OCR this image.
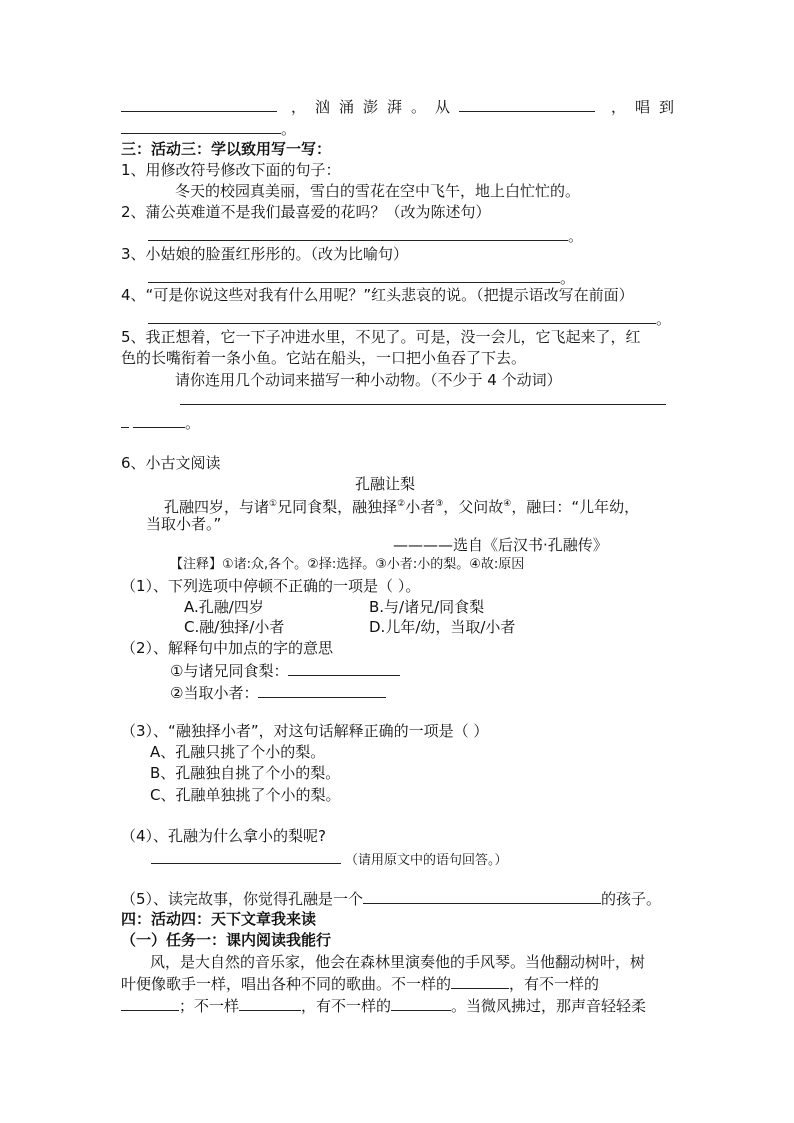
，汹涌澎湃。从	，唱到
。
三：活动三：学以致用写一写：
1、用修改符号修改下面的句子：
冬天的校园真美丽，雪白的雪花在空中飞午，地上白忙忙的。
2、蒲公英难道不是我们最喜爱的花吗？（改为陈述句）
。
3、小姑娘的脸蛋红彤彤的。（改为比喻句）
。
4、“可是你说这些对我有什么用呢？”红头悲哀的说。（把提示语改写在前面）
。
5、我正想着，它一下子冲进水里，不见了。可是，没一会儿，它飞起来了，红
色的长嘴衔着一条小鱼。它站在船头，一口把小鱼吞了下去。
请你连用几个动词来描写一种小动物。（不少于 4 个动词）
。
6、小古文阅读
孔融让梨
孔融四岁，与诸①兄同食梨，融独择②小者③，父问故④，融曰：“儿年幼，
当取小者。”
————选自《后汉书·孔融传》
【注释】①诸:众,各个。②择:选择。③小者:小的梨。④故:原因
（1）、下列选项中停顿不正确的一项是（ ）。
A.孔融/四岁	B.与/诸兄/同食梨
C.融/独择/小者	D.儿年/幼，当取/小者
（2）、解释句中加点的字的意思
①与诸兄同食梨：
②当取小者：
（3）、“融独择小者”，对这句话解释正确的一项是（ ）
A、孔融只挑了个小的梨。
B、孔融独自挑了个小的梨。
C、孔融单独挑了个小的梨。
（4）、孔融为什么拿小的梨呢?
（请用原文中的语句回答。）
（5）、读完故事，你觉得孔融是一个	的孩子。
四：活动四：天下文章我来读
（一）任务一：课内阅读我能行
风，是大自然的音乐家，他会在森林里演奏他的手风琴。当他翻动树叶，树
叶便像歌手一样，唱出各种不同的歌曲。不一样的	，有不一样的
；不一样	，有不一样的	。当微风拂过，那声音轻轻柔
